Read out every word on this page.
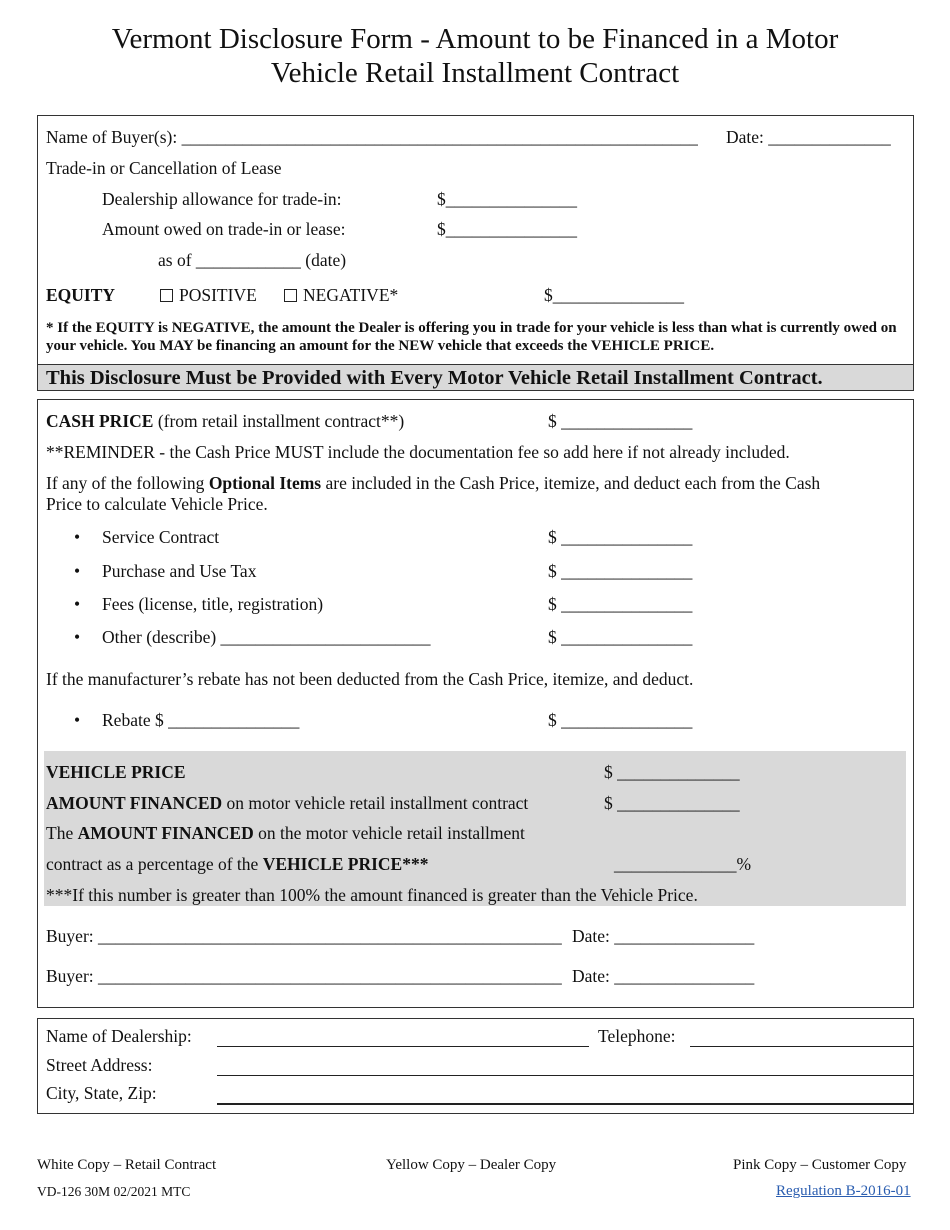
Vermont Disclosure Form - Amount to be Financed in a Motor
Vehicle Retail Installment Contract
Name of Buyer(s): ___________________________________________________________ Date: ______________
Trade-in or Cancellation of Lease
Dealership allowance for trade-in:	$_______________
Amount owed on trade-in or lease:	$_______________
as of ____________ (date)
EQUITY	POSITIVE	NEGATIVE*	$_______________
* If the EQUITY is NEGATIVE, the amount the Dealer is offering you in trade for your vehicle is less than what is currently owed on your vehicle. You MAY be financing an amount for the NEW vehicle that exceeds the VEHICLE PRICE.
This Disclosure Must be Provided with Every Motor Vehicle Retail Installment Contract.
CASH PRICE (from retail installment contract**)	$ _______________
**REMINDER - the Cash Price MUST include the documentation fee so add here if not already included.
If any of the following Optional Items are included in the Cash Price, itemize, and deduct each from the Cash
Price to calculate Vehicle Price.
• Service Contract	$ _______________
• Purchase and Use Tax	$ _______________
• Fees (license, title, registration)	$ _______________
• Other (describe) ________________________	$ _______________
If the manufacturer’s rebate has not been deducted from the Cash Price, itemize, and deduct.
• Rebate $ _______________	$ _______________
VEHICLE PRICE	$ ______________
AMOUNT FINANCED on motor vehicle retail installment contract	$ ______________
The AMOUNT FINANCED on the motor vehicle retail installment
contract as a percentage of the VEHICLE PRICE***	______________%
***If this number is greater than 100% the amount financed is greater than the Vehicle Price.
Buyer: _____________________________________________________ Date: ________________
Buyer: _____________________________________________________ Date: ________________
Name of Dealership:	Telephone:
Street Address:
City, State, Zip:
White Copy – Retail Contract	Yellow Copy – Dealer Copy	Pink Copy – Customer Copy
VD-126 30M 02/2021 MTC	Regulation B-2016-01
